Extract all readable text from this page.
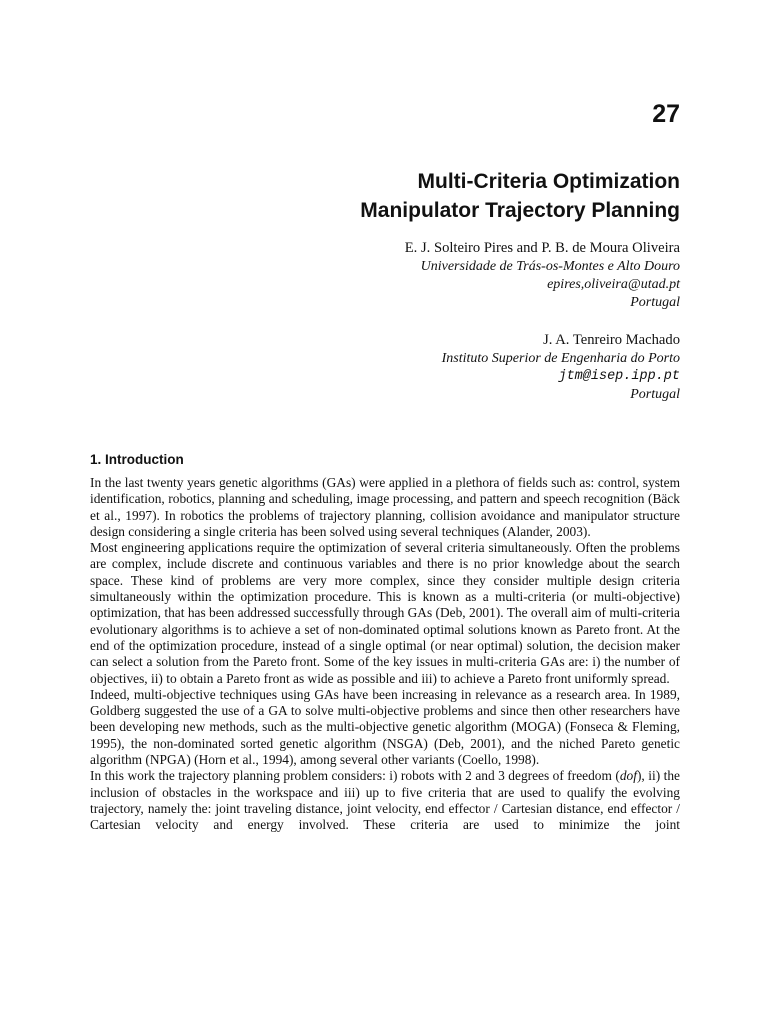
27
Multi-Criteria Optimization
Manipulator Trajectory Planning
E. J. Solteiro Pires and P. B. de Moura Oliveira
Universidade de Trás-os-Montes e Alto Douro
epires,oliveira@utad.pt
Portugal
J. A. Tenreiro Machado
Instituto Superior de Engenharia do Porto
jtm@isep.ipp.pt
Portugal
1. Introduction

In the last twenty years genetic algorithms (GAs) were applied in a plethora of fields such as: control, system identification, robotics, planning and scheduling, image processing, and pattern and speech recognition (Bäck et al., 1997). In robotics the problems of trajectory planning, collision avoidance and manipulator structure design considering a single criteria has been solved using several techniques (Alander, 2003).

Most engineering applications require the optimization of several criteria simultaneously. Often the problems are complex, include discrete and continuous variables and there is no prior knowledge about the search space. These kind of problems are very more complex, since they consider multiple design criteria simultaneously within the optimization procedure. This is known as a multi-criteria (or multi-objective) optimization, that has been addressed successfully through GAs (Deb, 2001). The overall aim of multi-criteria evolutionary algorithms is to achieve a set of non-dominated optimal solutions known as Pareto front. At the end of the optimization procedure, instead of a single optimal (or near optimal) solution, the decision maker can select a solution from the Pareto front. Some of the key issues in multi-criteria GAs are: i) the number of objectives, ii) to obtain a Pareto front as wide as possible and iii) to achieve a Pareto front uniformly spread.

Indeed, multi-objective techniques using GAs have been increasing in relevance as a research area. In 1989, Goldberg suggested the use of a GA to solve multi-objective problems and since then other researchers have been developing new methods, such as the multi-objective genetic algorithm (MOGA) (Fonseca & Fleming, 1995), the non-dominated sorted genetic algorithm (NSGA) (Deb, 2001), and the niched Pareto genetic algorithm (NPGA) (Horn et al., 1994), among several other variants (Coello, 1998).

In this work the trajectory planning problem considers: i) robots with 2 and 3 degrees of freedom (dof), ii) the inclusion of obstacles in the workspace and iii) up to five criteria that are used to qualify the evolving trajectory, namely the: joint traveling distance, joint velocity, end effector / Cartesian distance, end effector / Cartesian velocity and energy involved. These criteria are used to minimize the joint
